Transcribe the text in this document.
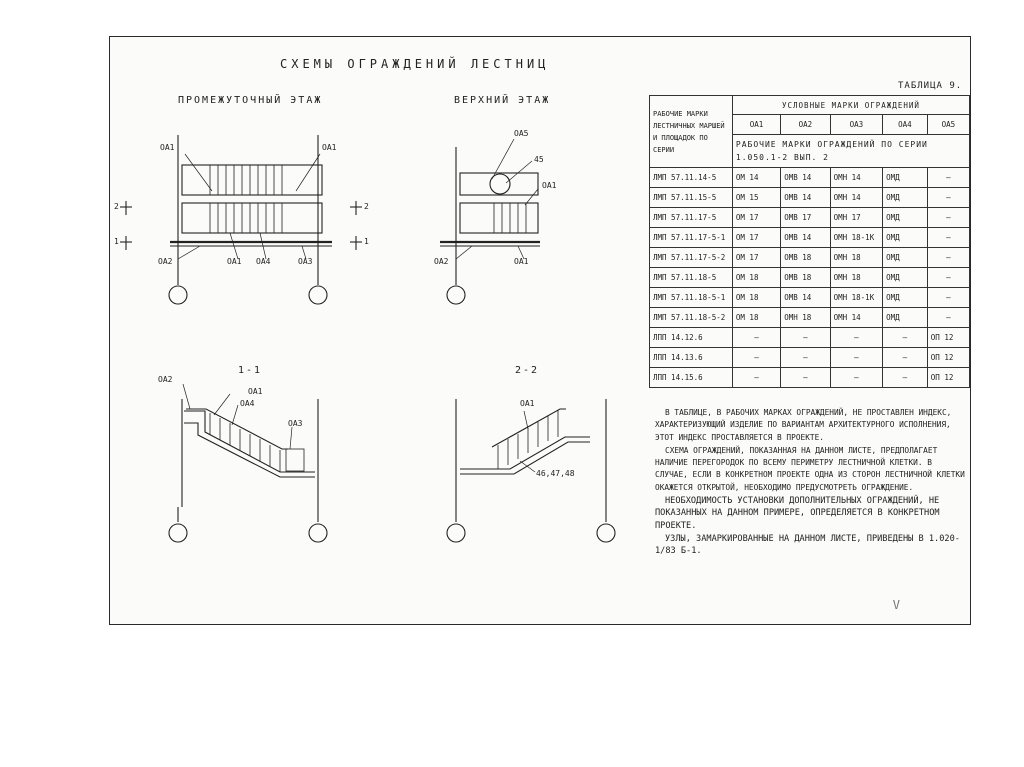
СХЕМЫ ОГРАЖДЕНИЙ ЛЕСТНИЦ
ПРОМЕЖУТОЧНЫЙ ЭТАЖ	ВЕРХНИЙ ЭТАЖ
1-1	2-2
ОА1	ОА1
ОА2	ОА1 ОА4	ОА3
2
1
2
1
ОА5
45
ОА1
ОА2	ОА1
ОА2
ОА1
ОА4
ОА3
ОА1
46,47,48
ТАБЛИЦА 9.
РАБОЧИЕ МАРКИ ЛЕСТНИЧНЫХ МАРШЕЙ И ПЛОЩАДОК ПО СЕРИИ	УСЛОВНЫЕ МАРКИ ОГРАЖДЕНИЙ				
	ОА1	ОА2	ОА3	ОА4	ОА5
	РАБОЧИЕ МАРКИ ОГРАЖДЕНИЙ ПО СЕРИИ 1.050.1-2 ВЫП. 2				
ЛМП 57.11.14-5	ОМ 14	ОМВ 14	ОМН 14	ОМД	—
ЛМП 57.11.15-5	ОМ 15	ОМВ 14	ОМН 14	ОМД	—
ЛМП 57.11.17-5	ОМ 17	ОМВ 17	ОМН 17	ОМД	—
ЛМП 57.11.17-5-1	ОМ 17	ОМВ 14	ОМН 18-1К	ОМД	—
ЛМП 57.11.17-5-2	ОМ 17	ОМВ 18	ОМН 18	ОМД	—
ЛМП 57.11.18-5	ОМ 18	ОМВ 18	ОМН 18	ОМД	—
ЛМП 57.11.18-5-1	ОМ 18	ОМВ 14	ОМН 18-1К	ОМД	—
ЛМП 57.11.18-5-2	ОМ 18	ОМН 18	ОМН 14	ОМД	—
ЛПП 14.12.6	—	—	—	—	ОП 12
ЛПП 14.13.6	—	—	—	—	ОП 12
ЛПП 14.15.6	—	—	—	—	ОП 12

В ТАБЛИЦЕ, В РАБОЧИХ МАРКАХ ОГРАЖДЕНИЙ, НЕ ПРОСТАВЛЕН ИНДЕКС, ХАРАКТЕРИЗУЮЩИЙ ИЗДЕЛИЕ ПО ВАРИАНТАМ АРХИТЕКТУРНОГО ИСПОЛНЕНИЯ, ЭТОТ ИНДЕКС ПРОСТАВЛЯЕТСЯ В ПРОЕКТЕ.

СХЕМА ОГРАЖДЕНИЙ, ПОКАЗАННАЯ НА ДАННОМ ЛИСТЕ, ПРЕДПОЛАГАЕТ НАЛИЧИЕ ПЕРЕГОРОДОК ПО ВСЕМУ ПЕРИМЕТРУ ЛЕСТНИЧНОЙ КЛЕТКИ. В СЛУЧАЕ, ЕСЛИ В КОНКРЕТНОМ ПРОЕКТЕ ОДНА ИЗ СТОРОН ЛЕСТНИЧНОЙ КЛЕТКИ ОКАЖЕТСЯ ОТКРЫТОЙ, НЕОБХОДИМО ПРЕДУСМОТРЕТЬ ОГРАЖДЕНИЕ.

НЕОБХОДИМОСТЬ УСТАНОВКИ ДОПОЛНИТЕЛЬНЫХ ОГРАЖДЕНИЙ, НЕ ПОКАЗАННЫХ НА ДАННОМ ПРИМЕРЕ, ОПРЕДЕЛЯЕТСЯ В КОНКРЕТНОМ ПРОЕКТЕ.

УЗЛЫ, ЗАМАРКИРОВАННЫЕ НА ДАННОМ ЛИСТЕ, ПРИВЕДЕНЫ В 1.020-1/83 Б-1.

V
